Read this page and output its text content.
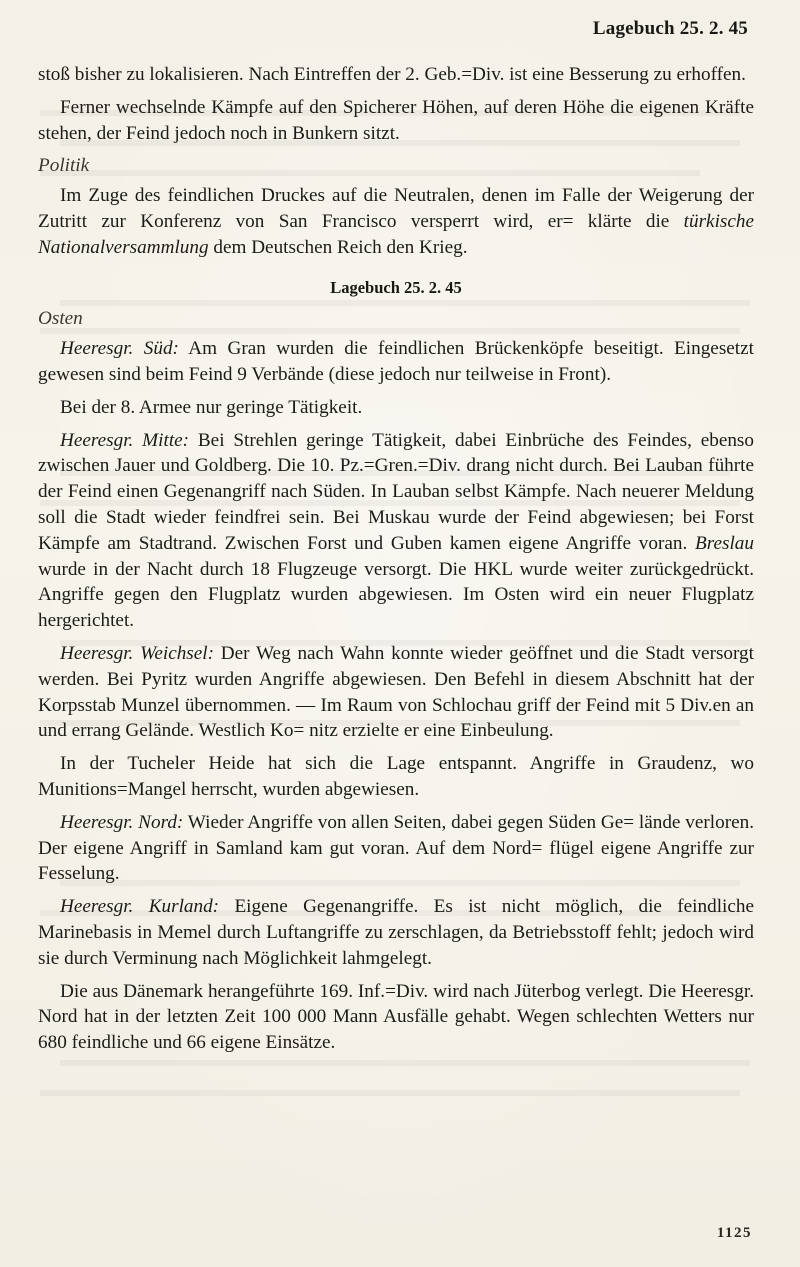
Lagebuch 25. 2. 45

stoß bisher zu lokalisieren. Nach Eintreffen der 2. Geb.=Div. ist eine Besserung zu erhoffen.

Ferner wechselnde Kämpfe auf den Spicherer Höhen, auf deren Höhe die eigenen Kräfte stehen, der Feind jedoch noch in Bunkern sitzt.

Politik

Im Zuge des feindlichen Druckes auf die Neutralen, denen im Falle der Weigerung der Zutritt zur Konferenz von San Francisco versperrt wird, er= klärte die türkische Nationalversammlung dem Deutschen Reich den Krieg.

Lagebuch 25. 2. 45
Osten

Heeresgr. Süd: Am Gran wurden die feindlichen Brückenköpfe beseitigt. Eingesetzt gewesen sind beim Feind 9 Verbände (diese jedoch nur teilweise in Front).

Bei der 8. Armee nur geringe Tätigkeit.

Heeresgr. Mitte: Bei Strehlen geringe Tätigkeit, dabei Einbrüche des Feindes, ebenso zwischen Jauer und Goldberg. Die 10. Pz.=Gren.=Div. drang nicht durch. Bei Lauban führte der Feind einen Gegenangriff nach Süden. In Lauban selbst Kämpfe. Nach neuerer Meldung soll die Stadt wieder feindfrei sein. Bei Muskau wurde der Feind abgewiesen; bei Forst Kämpfe am Stadtrand. Zwischen Forst und Guben kamen eigene Angriffe voran. Breslau wurde in der Nacht durch 18 Flugzeuge versorgt. Die HKL wurde weiter zurückgedrückt. Angriffe gegen den Flugplatz wurden abgewiesen. Im Osten wird ein neuer Flugplatz hergerichtet.

Heeresgr. Weichsel: Der Weg nach Wahn konnte wieder geöffnet und die Stadt versorgt werden. Bei Pyritz wurden Angriffe abgewiesen. Den Befehl in diesem Abschnitt hat der Korpsstab Munzel übernommen. — Im Raum von Schlochau griff der Feind mit 5 Div.en an und errang Gelände. Westlich Ko= nitz erzielte er eine Einbeulung.

In der Tucheler Heide hat sich die Lage entspannt. Angriffe in Graudenz, wo Munitions=Mangel herrscht, wurden abgewiesen.

Heeresgr. Nord: Wieder Angriffe von allen Seiten, dabei gegen Süden Ge= lände verloren. Der eigene Angriff in Samland kam gut voran. Auf dem Nord= flügel eigene Angriffe zur Fesselung.

Heeresgr. Kurland: Eigene Gegenangriffe. Es ist nicht möglich, die feindliche Marinebasis in Memel durch Luftangriffe zu zerschlagen, da Betriebsstoff fehlt; jedoch wird sie durch Verminung nach Möglichkeit lahmgelegt.

Die aus Dänemark herangeführte 169. Inf.=Div. wird nach Jüterbog verlegt. Die Heeresgr. Nord hat in der letzten Zeit 100 000 Mann Ausfälle gehabt. Wegen schlechten Wetters nur 680 feindliche und 66 eigene Einsätze.

1125
